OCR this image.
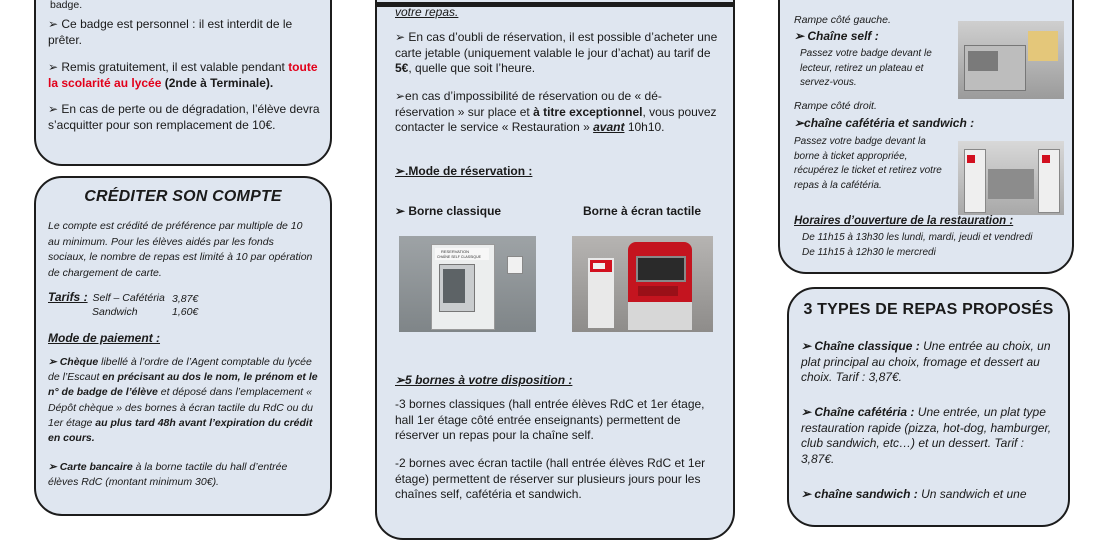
badge.

➢ Ce badge est personnel : il est interdit de le prêter.

➢ Remis gratuitement, il est valable pendant toute la scolarité au lycée (2nde à Terminale).

➢ En cas de perte ou de dégradation, l’élève devra s’acquitter pour son remplacement de 10€.

CRÉDITER SON COMPTE

Le compte est crédité de préférence par multiple de 10 au minimum. Pour les élèves aidés par les fonds sociaux, le nombre de repas est limité à 10 par opération de chargement de carte.

Tarifs : Self – Cafétéria 3,87€
Sandwich	1,60€
Mode de paiement :

➢ Chèque libellé à l’ordre de l’Agent comptable du lycée de l’Escaut en précisant au dos le nom, le prénom et le n° de badge de l’élève et déposé dans l’emplacement « Dépôt chèque » des bornes à écran tactile du RdC ou du 1er étage au plus tard 48h avant l’expiration du crédit en cours.

➢ Carte bancaire à la borne tactile du hall d’entrée élèves RdC (montant minimum 30€).

votre repas.

➢ En cas d’oubli de réservation, il est possible d’acheter une carte jetable (uniquement valable le jour d’achat) au tarif de 5€, quelle que soit l’heure.

➢en cas d’impossibilité de réservation ou de « dé-réservation » sur place et à titre exceptionnel, vous pouvez contacter le service « Restauration » avant 10h10.

➢.Mode de réservation :
➢ Borne classique	Borne à écran tactile
RESERVATION
CHAÎNE SELF CLASSIQUE
➢5 bornes à votre disposition :

-3 bornes classiques (hall entrée élèves RdC et 1er étage, hall 1er étage côté entrée enseignants) permettent de réserver un repas pour la chaîne self.

-2 bornes avec écran tactile (hall entrée élèves RdC et 1er étage) permettent de réserver sur plusieurs jours pour les chaînes self, cafétéria et sandwich.

Rampe côté gauche.
➢ Chaîne self :

Passez votre badge devant le lecteur, retirez un plateau et servez-vous.

Rampe côté droit.
➢chaîne cafétéria et sandwich :

Passez votre badge devant la borne à ticket appropriée, récupérez le ticket et retirez votre repas à la cafétéria.

Horaires d’ouverture de la restauration :
De 11h15 à 13h30 les lundi, mardi, jeudi et vendredi
De 11h15 à 12h30 le mercredi
3 TYPES DE REPAS PROPOSÉS

➢ Chaîne classique : Une entrée au choix, un plat principal au choix, fromage et dessert au choix. Tarif : 3,87€.

➢ Chaîne cafétéria : Une entrée, un plat type restauration rapide (pizza, hot-dog, hamburger, club sandwich, etc…) et un dessert. Tarif : 3,87€.

➢ chaîne sandwich : Un sandwich et une
